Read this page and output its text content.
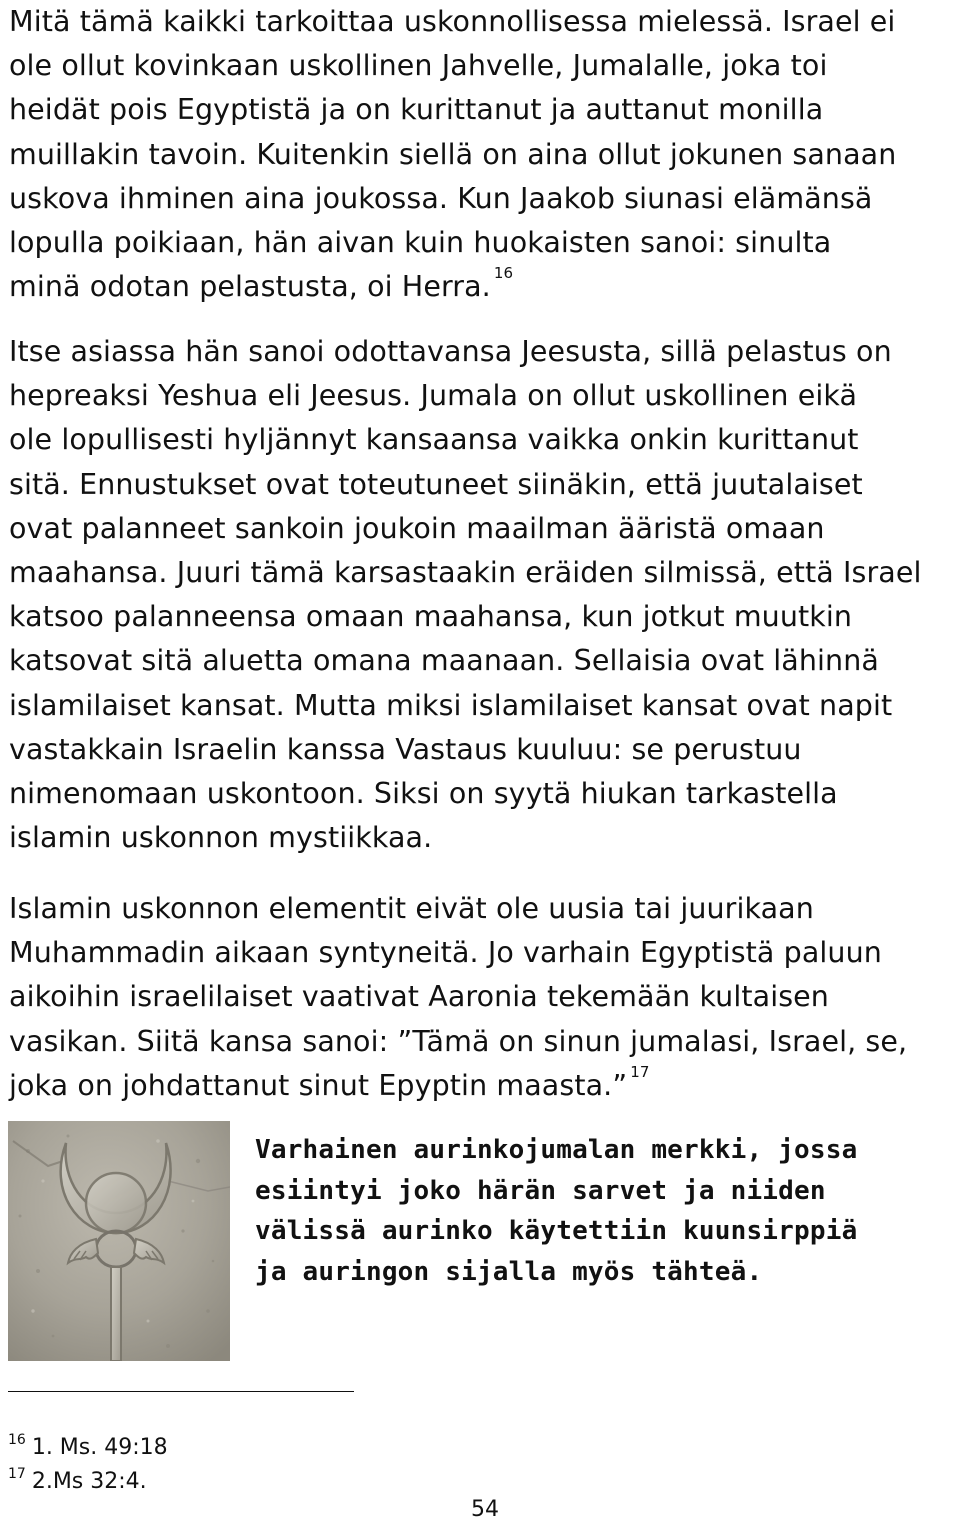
Mitä tämä kaikki tarkoittaa uskonnollisessa mielessä. Israel ei
ole ollut kovinkaan uskollinen Jahvelle, Jumalalle, joka toi
heidät pois Egyptistä ja on kurittanut ja auttanut monilla
muillakin tavoin. Kuitenkin siellä on aina ollut jokunen sanaan
uskova ihminen aina joukossa. Kun Jaakob siunasi elämänsä
lopulla poikiaan, hän aivan kuin huokaisten sanoi: sinulta
minä odotan pelastusta, oi Herra. $^{16}$

Itse asiassa hän sanoi odottavansa Jeesusta, sillä pelastus on
hepreaksi Yeshua eli Jeesus. Jumala on ollut uskollinen eikä
ole lopullisesti hyljännyt kansaansa vaikka onkin kurittanut
sitä. Ennustukset ovat toteutuneet siinäkin, että juutalaiset
ovat palanneet sankoin joukoin maailman ääristä omaan
maahansa. Juuri tämä karsastaakin eräiden silmissä, että Israel
katsoo palanneensa omaan maahansa, kun jotkut muutkin
katsovat sitä aluetta omana maanaan. Sellaisia ovat lähinnä
islamilaiset kansat. Mutta miksi islamilaiset kansat ovat napit
vastakkain Israelin kanssa Vastaus kuuluu: se perustuu
nimenomaan uskontoon. Siksi on syytä hiukan tarkastella
islamin uskonnon mystiikkaa.

Islamin uskonnon elementit eivät ole uusia tai juurikaan
Muhammadin aikaan syntyneitä. Jo varhain Egyptistä paluun
aikoihin israelilaiset vaativat Aaronia tekemään kultaisen
vasikan. Siitä kansa sanoi: ”Tämä on sinun jumalasi, Israel, se,
joka on johdattanut sinut Epyptin maasta.” $^{17}$

Varhainen aurinkojumalan merkki, jossa
esiintyi joko härän sarvet ja niiden
välissä aurinko käytettiin kuunsirppiä
ja auringon sijalla myös tähteä.

$^{16}$ 1. Ms. 49:18
$^{17}$ 2.Ms 32:4.
54
